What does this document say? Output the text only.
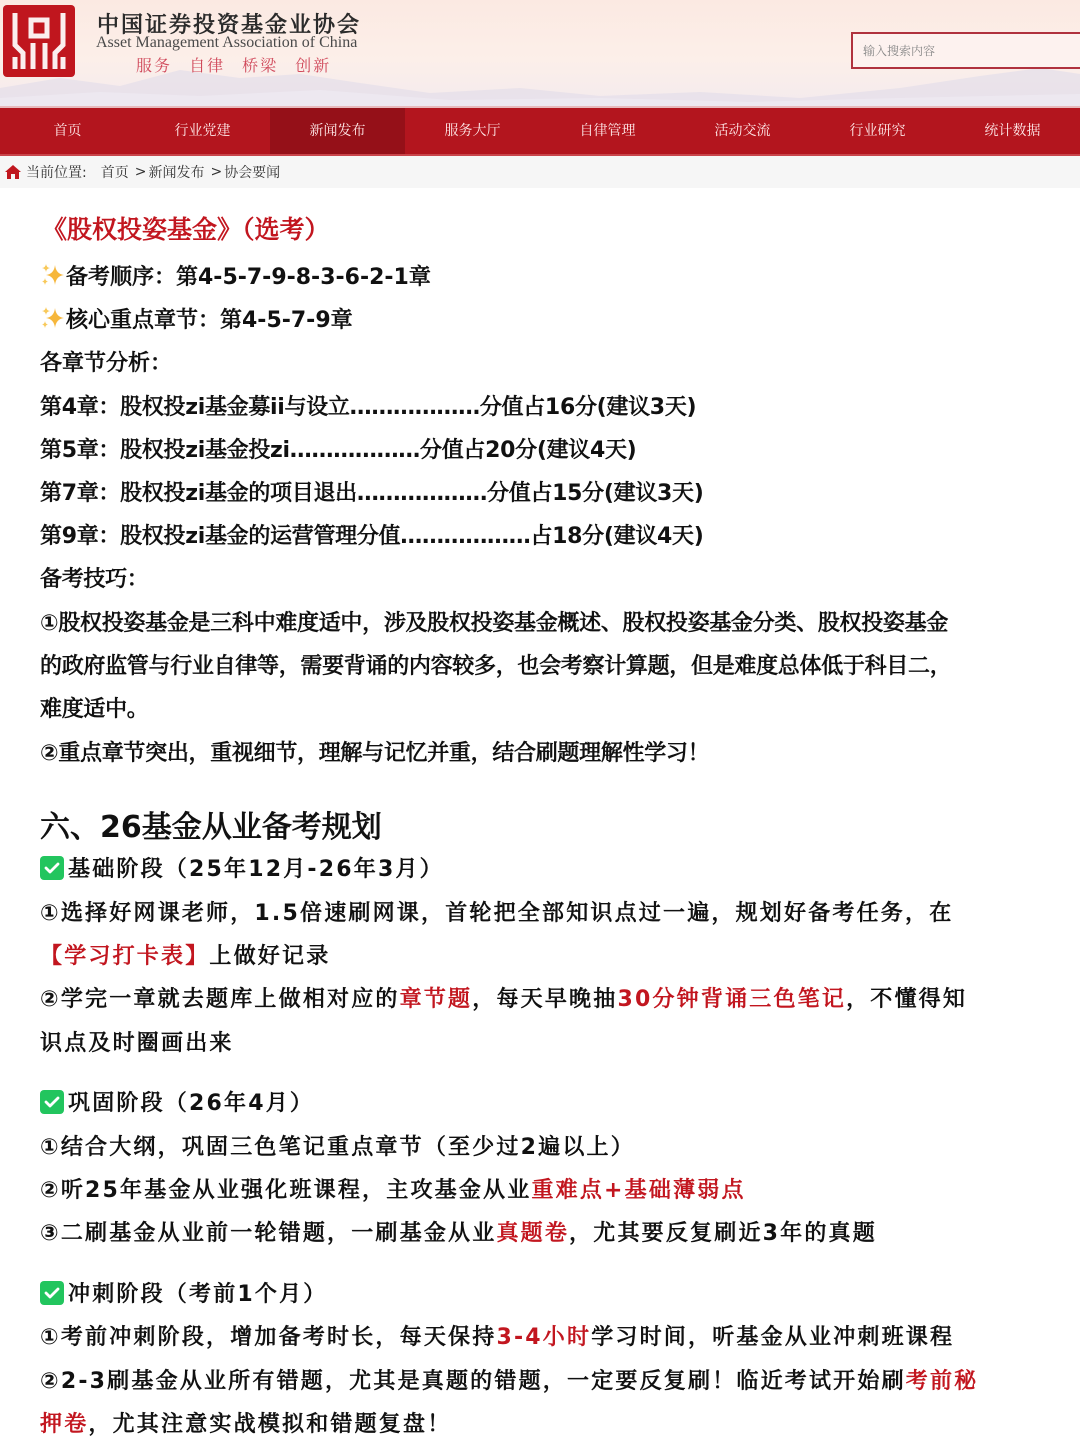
中国证券投资基金业协会
Asset Management Association of China
服务 自律 桥梁 创新
输入搜索内容
首页	行业党建	新闻发布	服务大厅	自律管理	活动交流	行业研究	统计数据
当前位置: 首页 > 新闻发布 > 协会要闻
《股权投姿基金》（选考）
备考顺序：第4-5-7-9-8-3-6-2-1章
核心重点章节：第4-5-7-9章
各章节分析：
第4章：股权投zi基金募ii与设立………………分值占16分(建议3天)
第5章：股权投zi基金投zi………………分值占20分(建议4天)
第7章：股权投zi基金的项目退出………………分值占15分(建议3天)
第9章：股权投zi基金的运营管理分值………………占18分(建议4天)
备考技巧：
①股权投姿基金是三科中难度适中，涉及股权投姿基金概述、股权投姿基金分类、股权投姿基金
的政府监管与行业自律等，需要背诵的内容较多，也会考察计算题，但是难度总体低于科目二，
难度适中。
②重点章节突出，重视细节，理解与记忆并重，结合刷题理解性学习！
六、26基金从业备考规划
基础阶段（25年12月-26年3月）
①选择好网课老师，1.5倍速刷网课，首轮把全部知识点过一遍，规划好备考任务，在
【学习打卡表】上做好记录
②学完一章就去题库上做相对应的章节题，每天早晚抽30分钟背诵三色笔记，不懂得知
识点及时圈画出来
巩固阶段（26年4月）
①结合大纲，巩固三色笔记重点章节（至少过2遍以上）
②听25年基金从业强化班课程，主攻基金从业重难点+基础薄弱点
③二刷基金从业前一轮错题，一刷基金从业真题卷，尤其要反复刷近3年的真题
冲刺阶段（考前1个月）
①考前冲刺阶段，增加备考时长，每天保持3-4小时学习时间，听基金从业冲刺班课程
②2-3刷基金从业所有错题，尤其是真题的错题，一定要反复刷！临近考试开始刷考前秘
押卷，尤其注意实战模拟和错题复盘！
